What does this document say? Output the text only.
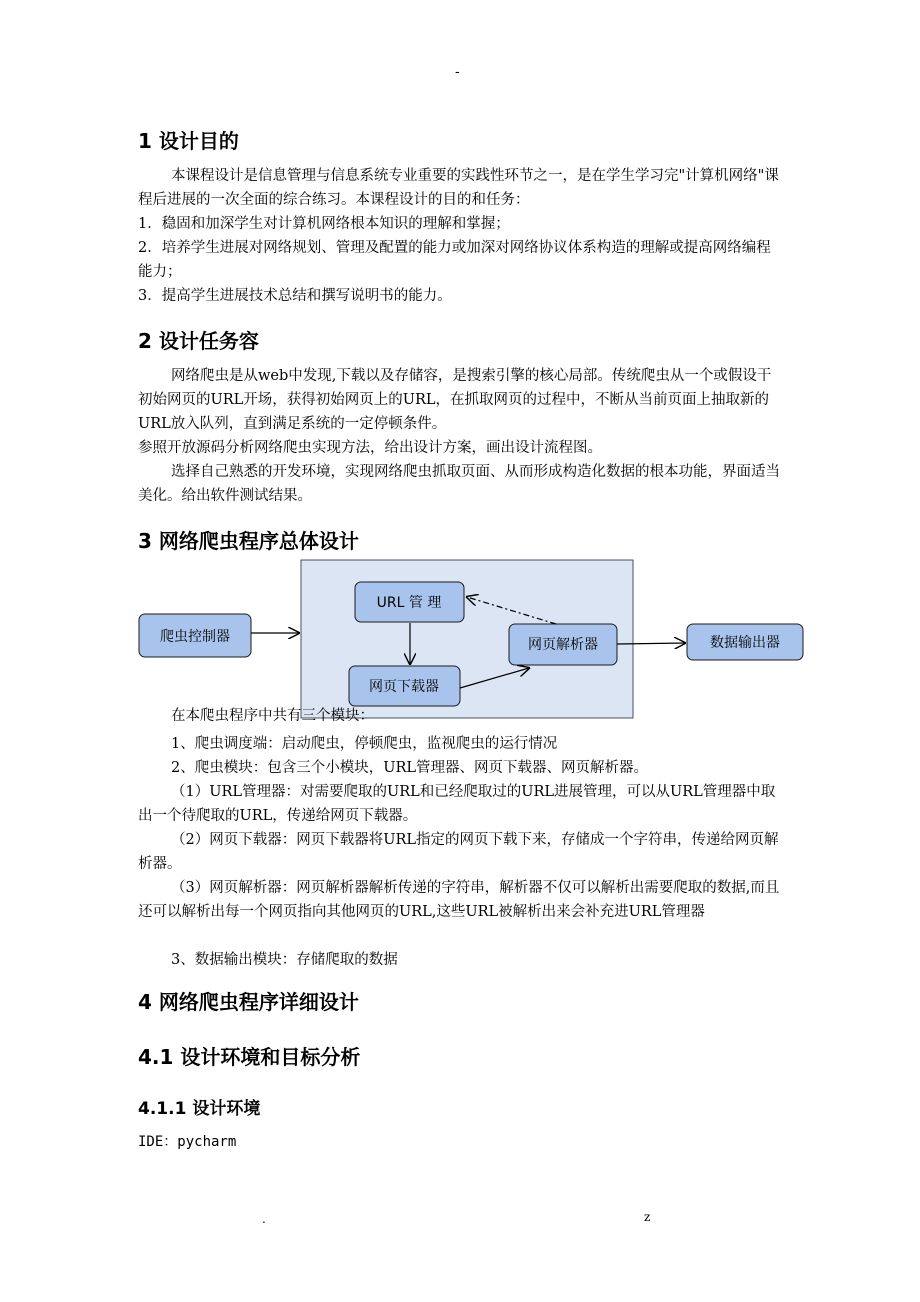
-
1 设计目的
本课程设计是信息管理与信息系统专业重要的实践性环节之一，是在学生学习完"计算机网络"课程后进展的一次全面的综合练习。本课程设计的目的和任务：
1．稳固和加深学生对计算机网络根本知识的理解和掌握；
2．培养学生进展对网络规划、管理及配置的能力或加深对网络协议体系构造的理解或提高网络编程能力；
3．提高学生进展技术总结和撰写说明书的能力。
2 设计任务容
网络爬虫是从web中发现,下载以及存储容，是搜索引擎的核心局部。传统爬虫从一个或假设干初始网页的URL开场，获得初始网页上的URL，在抓取网页的过程中，不断从当前页面上抽取新的URL放入队列，直到满足系统的一定停顿条件。
参照开放源码分析网络爬虫实现方法，给出设计方案，画出设计流程图。
选择自己熟悉的开发环境，实现网络爬虫抓取页面、从而形成构造化数据的根本功能，界面适当美化。给出软件测试结果。
3 网络爬虫程序总体设计
爬虫控制器
URL 管 理
网页解析器
网页下载器
数据输出器
在本爬虫程序中共有三个模块：
1、爬虫调度端：启动爬虫，停顿爬虫，监视爬虫的运行情况
2、爬虫模块：包含三个小模块，URL管理器、网页下载器、网页解析器。
（1）URL管理器：对需要爬取的URL和已经爬取过的URL进展管理，可以从URL管理器中取出一个待爬取的URL，传递给网页下载器。
（2）网页下载器：网页下载器将URL指定的网页下载下来，存储成一个字符串，传递给网页解析器。
（3）网页解析器：网页解析器解析传递的字符串，解析器不仅可以解析出需要爬取的数据,而且还可以解析出每一个网页指向其他网页的URL,这些URL被解析出来会补充进URL管理器
3、数据输出模块：存储爬取的数据
4 网络爬虫程序详细设计
4.1 设计环境和目标分析
4.1.1 设计环境
IDE：pycharm
.	z
